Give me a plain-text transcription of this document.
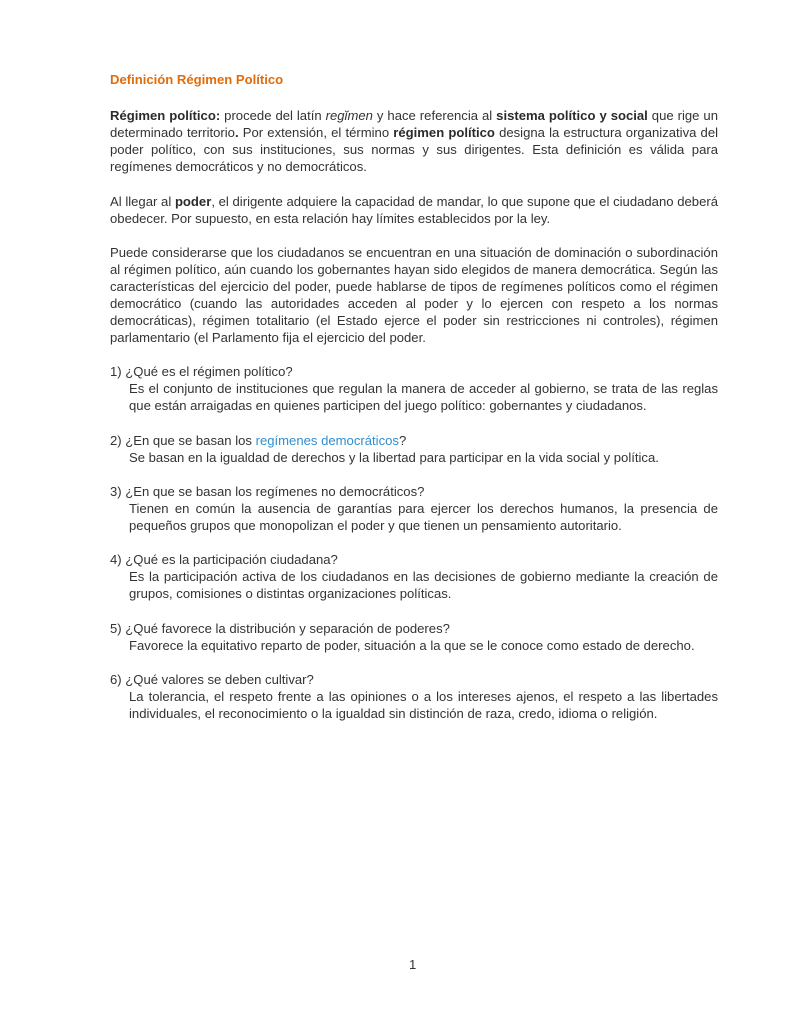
Definición Régimen Político

Régimen político: procede del latín regĭmen y hace referencia al sistema político y social que rige un determinado territorio. Por extensión, el término régimen político designa la estructura organizativa del poder político, con sus instituciones, sus normas y sus dirigentes. Esta definición es válida para regímenes democráticos y no democráticos.

Al llegar al poder, el dirigente adquiere la capacidad de mandar, lo que supone que el ciudadano deberá obedecer. Por supuesto, en esta relación hay límites establecidos por la ley.

Puede considerarse que los ciudadanos se encuentran en una situación de dominación o subordinación al régimen político, aún cuando los gobernantes hayan sido elegidos de manera democrática. Según las características del ejercicio del poder, puede hablarse de tipos de regímenes políticos como el régimen democrático (cuando las autoridades acceden al poder y lo ejercen con respeto a los normas democráticas), régimen totalitario (el Estado ejerce el poder sin restricciones ni controles), régimen parlamentario (el Parlamento fija el ejercicio del poder.

1) ¿Qué es el régimen político?
Es el conjunto de instituciones que regulan la manera de acceder al gobierno, se trata de las reglas que están arraigadas en quienes participen del juego político: gobernantes y ciudadanos.
2) ¿En que se basan los regímenes democráticos?
Se basan en la igualdad de derechos y la libertad para participar en la vida social y política.
3) ¿En que se basan los regímenes no democráticos?
Tienen en común la ausencia de garantías para ejercer los derechos humanos, la presencia de pequeños grupos que monopolizan el poder y que tienen un pensamiento autoritario.
4) ¿Qué es la participación ciudadana?
Es la participación activa de los ciudadanos en las decisiones de gobierno mediante la creación de grupos, comisiones o distintas organizaciones políticas.
5) ¿Qué favorece la distribución y separación de poderes?
Favorece la equitativo reparto de poder, situación a la que se le conoce como estado de derecho.
6) ¿Qué valores se deben cultivar?
La tolerancia, el respeto frente a las opiniones o a los intereses ajenos, el respeto a las libertades individuales, el reconocimiento o la igualdad sin distinción de raza, credo, idioma o religión.
1
